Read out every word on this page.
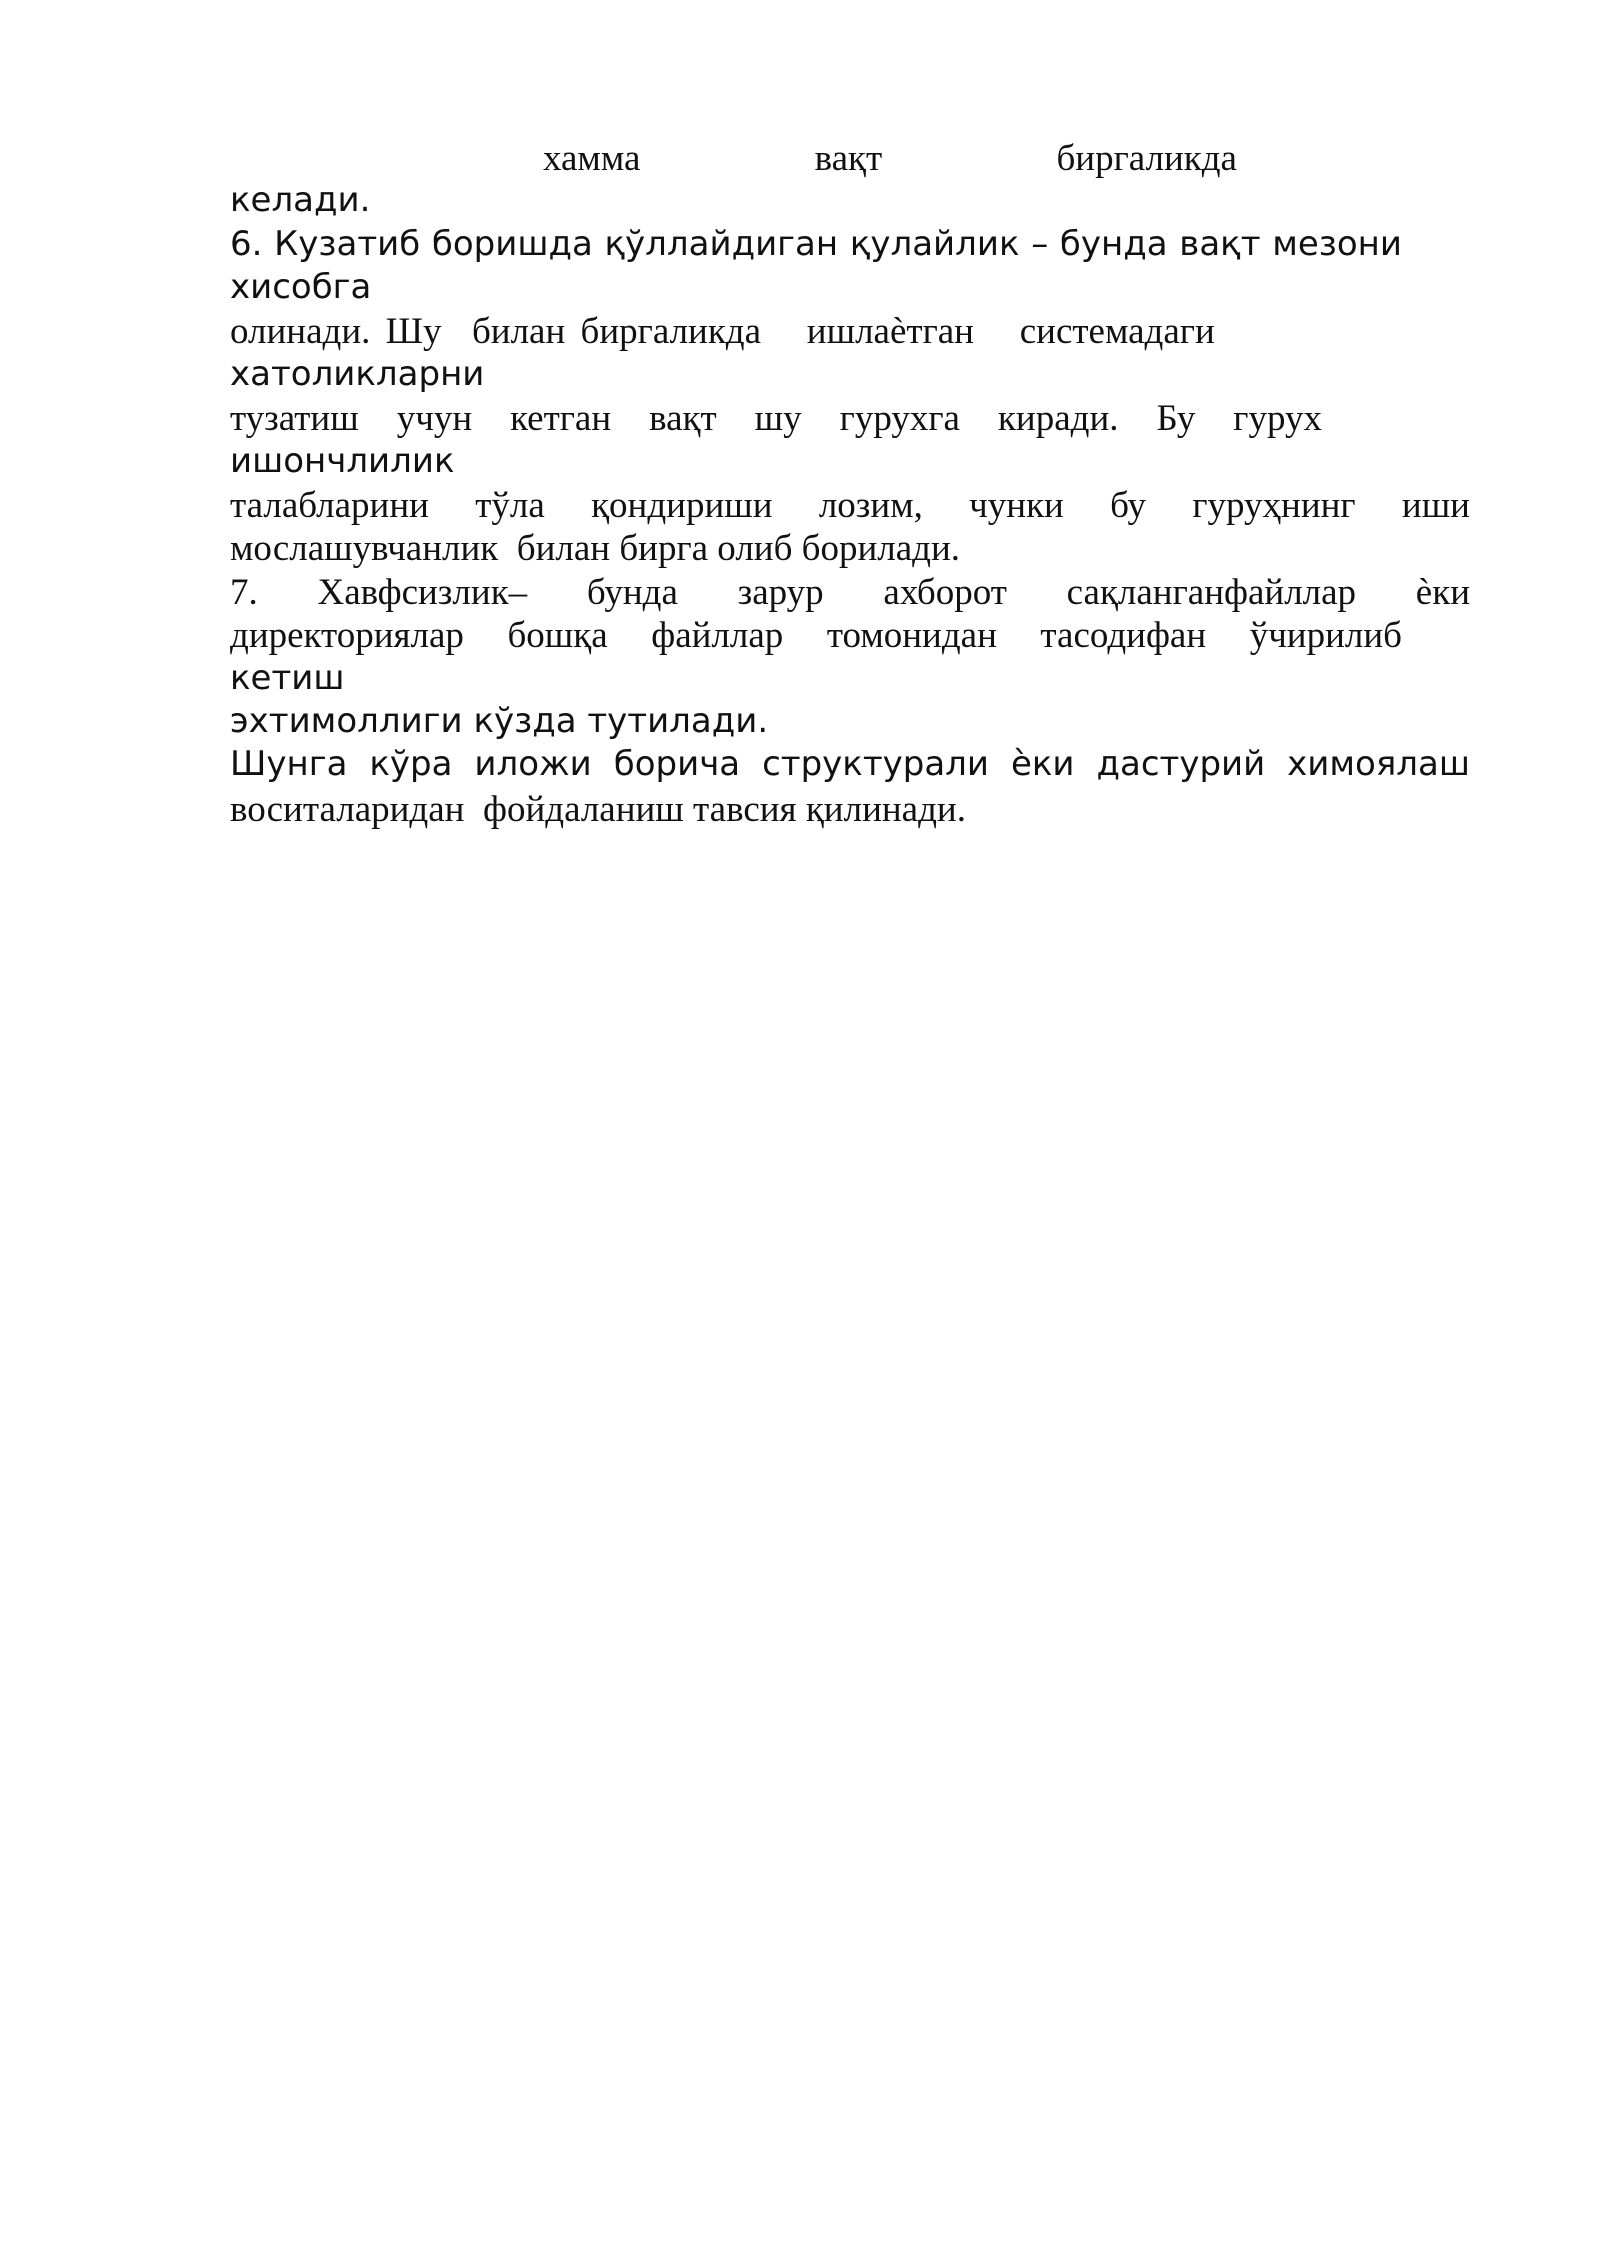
хамма	вақт	биргаликда
келади.
6. Кузатиб боришда қўллайдиган қулайлик – бунда вақт мезони
хисобга
олинади. Шу  билан биргаликда   ишлаѐтган   системадаги
хатоликларни
тузатиш учун кетган вақт шу гурухга киради. Бу гурух
ишончлилик
талабларини тўла қондириши лозим, чунки бу гуруҳнинг иши
мослашувчанлик  билан бирга олиб борилади.
7. Хавфсизлик– бунда зарур ахборот сақланганфайллар ѐки
директориялар бошқа файллар томонидан тасодифан ўчирилиб
кетиш
эхтимоллиги кўзда тутилади.
Шунга кўра иложи борича структурали ѐки дастурий химоялаш
воситаларидан  фойдаланиш тавсия қилинади.
